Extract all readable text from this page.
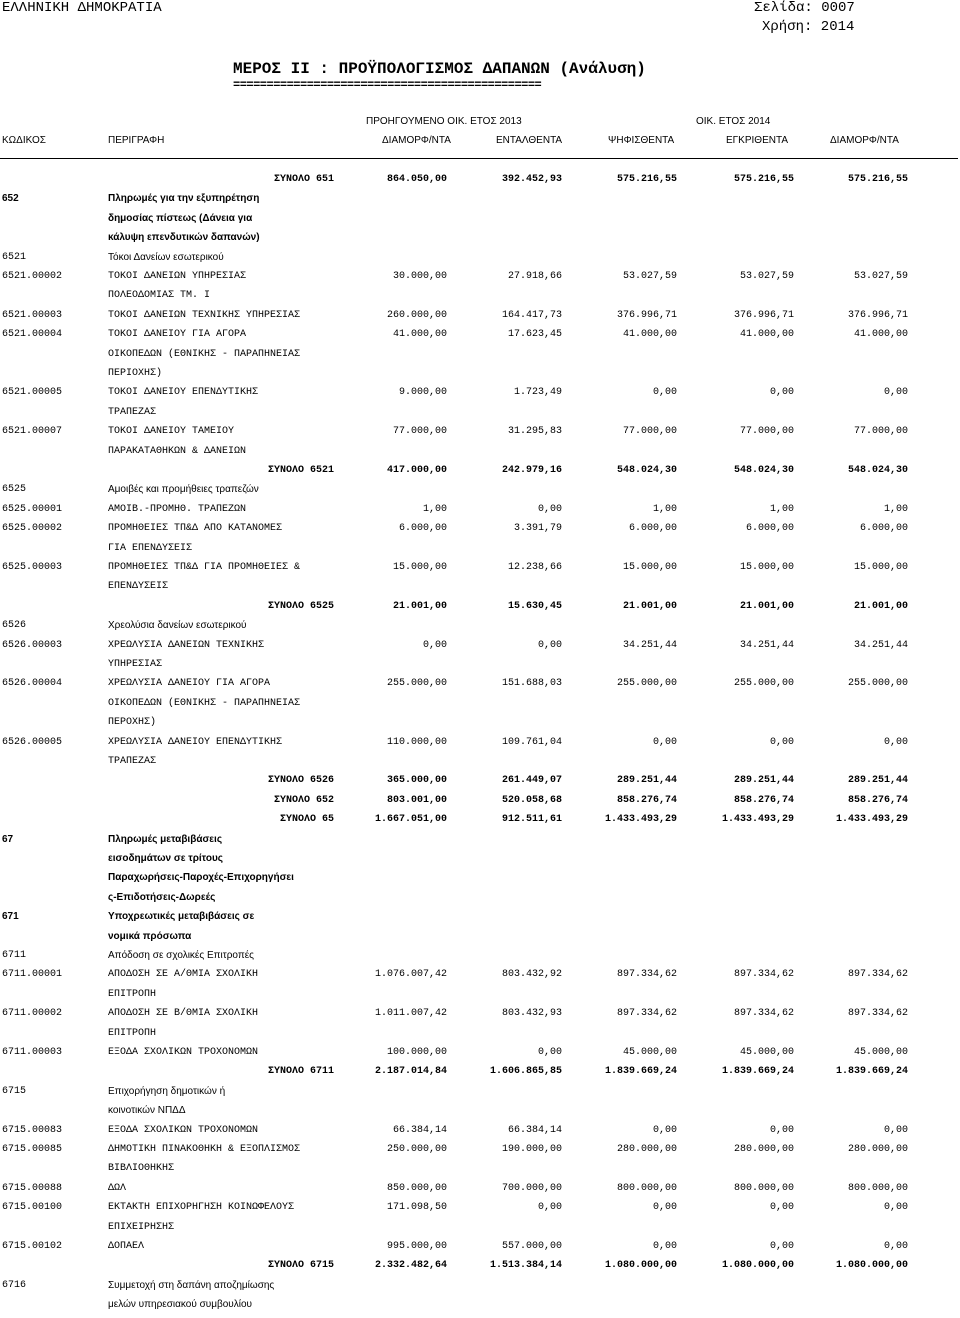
ΕΛΛΗΝΙΚΗ ΔΗΜΟΚΡΑΤΙΑ	Σελίδα: 0007
Χρήση: 2014
ΜΕΡΟΣ ΙΙ : ΠΡΟΫΠΟΛΟΓΙΣΜΟΣ ΔΑΠΑΝΩΝ (Ανάλυση)
==============================================
ΠΡΟΗΓΟΥΜΕΝΟ ΟΙΚ. ΕΤΟΣ 2013	ΟΙΚ. ΕΤΟΣ 2014
ΚΩΔΙΚΟΣ	ΠΕΡΙΓΡΑΦΗ	ΔΙΑΜΟΡΦ/ΝΤΑ	ΕΝΤΑΛΘΕΝΤΑ	ΨΗΦΙΣΘΕΝΤΑ	ΕΓΚΡΙΘΕΝΤΑ	ΔΙΑΜΟΡΦ/ΝΤΑ
ΣΥΝΟΛΟ 651	864.050,00	392.452,93	575.216,55	575.216,55	575.216,55
652	Πληρωμές για την εξυπηρέτηση
δημοσίας πίστεως (Δάνεια για
κάλυψη επενδυτικών δαπανών)
6521	Τόκοι Δανείων εσωτερικού
6521.00002	ΤΟΚΟΙ ΔΑΝΕΙΩΝ ΥΠΗΡΕΣΙΑΣ	30.000,00	27.918,66	53.027,59	53.027,59	53.027,59
ΠΟΛΕΟΔΟΜΙΑΣ ΤΜ. Ι
6521.00003	ΤΟΚΟΙ ΔΑΝΕΙΩΝ ΤΕΧΝΙΚΗΣ ΥΠΗΡΕΣΙΑΣ	260.000,00	164.417,73	376.996,71	376.996,71	376.996,71
6521.00004	ΤΟΚΟΙ ΔΑΝΕΙΟΥ ΓΙΑ ΑΓΟΡΑ	41.000,00	17.623,45	41.000,00	41.000,00	41.000,00
ΟΙΚΟΠΕΔΩΝ (ΕΘΝΙΚΗΣ - ΠΑΡΑΠΗΝΕΙΑΣ
ΠΕΡΙΟΧΗΣ)
6521.00005	ΤΟΚΟΙ ΔΑΝΕΙΟΥ ΕΠΕΝΔΥΤΙΚΗΣ	9.000,00	1.723,49	0,00	0,00	0,00
ΤΡΑΠΕΖΑΣ
6521.00007	ΤΟΚΟΙ ΔΑΝΕΙΟΥ ΤΑΜΕΙΟΥ	77.000,00	31.295,83	77.000,00	77.000,00	77.000,00
ΠΑΡΑΚΑΤΑΘΗΚΩΝ & ΔΑΝΕΙΩΝ
ΣΥΝΟΛΟ 6521	417.000,00	242.979,16	548.024,30	548.024,30	548.024,30
6525	Αμοιβές και προμήθειες τραπεζών
6525.00001	ΑΜΟΙΒ.-ΠΡΟΜΗΘ. ΤΡΑΠΕΖΩΝ	1,00	0,00	1,00	1,00	1,00
6525.00002	ΠΡΟΜΗΘΕΙΕΣ ΤΠ&Δ ΑΠΟ ΚΑΤΑΝΟΜΕΣ	6.000,00	3.391,79	6.000,00	6.000,00	6.000,00
ΓΙΑ ΕΠΕΝΔΥΣΕΙΣ
6525.00003	ΠΡΟΜΗΘΕΙΕΣ ΤΠ&Δ ΓΙΑ ΠΡΟΜΗΘΕΙΕΣ &	15.000,00	12.238,66	15.000,00	15.000,00	15.000,00
ΕΠΕΝΔΥΣΕΙΣ
ΣΥΝΟΛΟ 6525	21.001,00	15.630,45	21.001,00	21.001,00	21.001,00
6526	Χρεολύσια δανείων εσωτερικού
6526.00003	ΧΡΕΩΛΥΣΙΑ ΔΑΝΕΙΩΝ ΤΕΧΝΙΚΗΣ	0,00	0,00	34.251,44	34.251,44	34.251,44
ΥΠΗΡΕΣΙΑΣ
6526.00004	ΧΡΕΩΛΥΣΙΑ ΔΑΝΕΙΟΥ ΓΙΑ ΑΓΟΡΑ	255.000,00	151.688,03	255.000,00	255.000,00	255.000,00
ΟΙΚΟΠΕΔΩΝ (ΕΘΝΙΚΗΣ - ΠΑΡΑΠΗΝΕΙΑΣ
ΠΕΡΟΧΗΣ)
6526.00005	ΧΡΕΩΛΥΣΙΑ ΔΑΝΕΙΟΥ ΕΠΕΝΔΥΤΙΚΗΣ	110.000,00	109.761,04	0,00	0,00	0,00
ΤΡΑΠΕΖΑΣ
ΣΥΝΟΛΟ 6526	365.000,00	261.449,07	289.251,44	289.251,44	289.251,44
ΣΥΝΟΛΟ 652	803.001,00	520.058,68	858.276,74	858.276,74	858.276,74
ΣΥΝΟΛΟ 65	1.667.051,00	912.511,61	1.433.493,29	1.433.493,29	1.433.493,29
67	Πληρωμές μεταβιβάσεις
εισοδημάτων σε τρίτους
Παραχωρήσεις-Παροχές-Επιχορηγήσει
ς-Επιδοτήσεις-Δωρεές
671	Υποχρεωτικές μεταβιβάσεις σε
νομικά πρόσωπα
6711	Απόδοση σε σχολικές Επιτροπές
6711.00001	ΑΠΟΔΟΣΗ ΣΕ Α/ΘΜΙΑ ΣΧΟΛΙΚΗ	1.076.007,42	803.432,92	897.334,62	897.334,62	897.334,62
ΕΠΙΤΡΟΠΗ
6711.00002	ΑΠΟΔΟΣΗ ΣΕ Β/ΘΜΙΑ ΣΧΟΛΙΚΗ	1.011.007,42	803.432,93	897.334,62	897.334,62	897.334,62
ΕΠΙΤΡΟΠΗ
6711.00003	ΕΞΟΔΑ ΣΧΟΛΙΚΩΝ ΤΡΟΧΟΝΟΜΩΝ	100.000,00	0,00	45.000,00	45.000,00	45.000,00
ΣΥΝΟΛΟ 6711	2.187.014,84	1.606.865,85	1.839.669,24	1.839.669,24	1.839.669,24
6715	Επιχορήγηση δημοτικών ή
κοινοτικών ΝΠΔΔ
6715.00083	ΕΞΟΔΑ ΣΧΟΛΙΚΩΝ ΤΡΟΧΟΝΟΜΩΝ	66.384,14	66.384,14	0,00	0,00	0,00
6715.00085	ΔΗΜΟΤΙΚΗ ΠΙΝΑΚΟΘΗΚΗ & ΕΞΟΠΛΙΣΜΟΣ	250.000,00	190.000,00	280.000,00	280.000,00	280.000,00
ΒΙΒΛΙΟΘΗΚΗΣ
6715.00088	ΔΩΛ	850.000,00	700.000,00	800.000,00	800.000,00	800.000,00
6715.00100	ΕΚΤΑΚΤΗ ΕΠΙΧΟΡΗΓΗΣΗ ΚΟΙΝΩΦΕΛΟΥΣ	171.098,50	0,00	0,00	0,00	0,00
ΕΠΙΧΕΙΡΗΣΗΣ
6715.00102	ΔΟΠΑΕΛ	995.000,00	557.000,00	0,00	0,00	0,00
ΣΥΝΟΛΟ 6715	2.332.482,64	1.513.384,14	1.080.000,00	1.080.000,00	1.080.000,00
6716	Συμμετοχή στη δαπάνη αποζημίωσης
μελών υπηρεσιακού συμβουλίου
